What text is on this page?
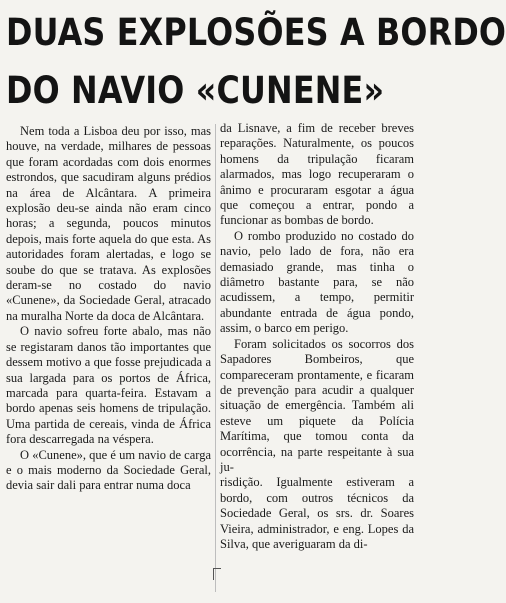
DUAS EXPLOSÕES A BORDO
DO NAVIO «CUNENE»

Nem toda a Lisboa deu por isso, mas houve, na verdade, milhares de pessoas que foram acordadas com dois enormes estrondos, que sacudiram alguns prédios na área de Alcântara. A primeira explosão deu-se ainda não eram cinco horas; a segunda, poucos minutos depois, mais forte aquela do que esta. As autoridades foram alertadas, e logo se soube do que se tratava. As explosões deram-se no costado do navio «Cunene», da Sociedade Geral, atracado na muralha Norte da doca de Alcântara.

O navio sofreu forte abalo, mas não se registaram danos tão importantes que dessem motivo a que fosse prejudicada a sua largada para os portos de África, marcada para quarta-feira. Estavam a bordo apenas seis homens de tripulação. Uma partida de cereais, vinda de África fora descarregada na véspera.

O «Cunene», que é um navio de carga e o mais moderno da Sociedade Geral, devia sair dali para entrar numa doca

da Lisnave, a fim de receber breves reparações. Naturalmente, os poucos homens da tripulação ficaram alarmados, mas logo recuperaram o ânimo e procuraram esgotar a água que começou a entrar, pondo a funcionar as bombas de bordo.

O rombo produzido no costado do navio, pelo lado de fora, não era demasiado grande, mas tinha o diâmetro bastante para, se não acudissem, a tempo, permitir abundante entrada de água pondo, assim, o barco em perigo.

Foram solicitados os socorros dos Sapadores Bombeiros, que compareceram prontamente, e ficaram de prevenção para acudir a qualquer situação de emergência. Também ali esteve um piquete da Polícia Marítima, que tomou conta da ocorrência, na parte respeitante à sua ju-

risdição. Igualmente estiveram a bordo, com outros técnicos da Sociedade Geral, os srs. dr. Soares Vieira, administrador, e eng. Lopes da Silva, que averiguaram da di-
